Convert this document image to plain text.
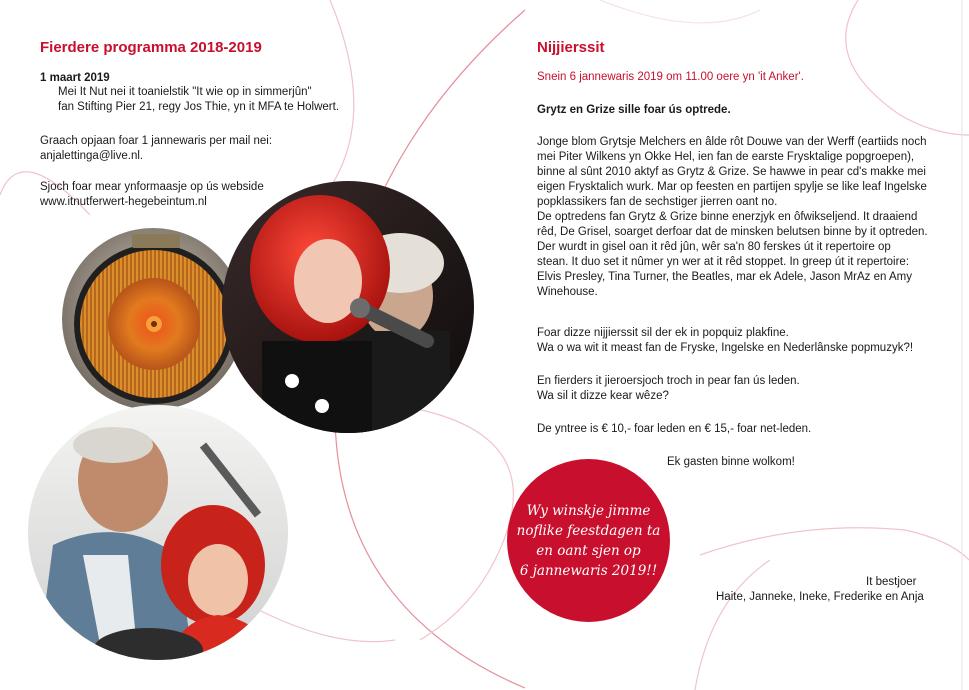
Fierdere programma 2018-2019
1 maart 2019
Mei It Nut nei it toanielstik "It wie op in simmerjûn"
fan Stifting Pier 21, regy Jos Thie, yn it MFA te Holwert.
Graach opjaan foar 1 jannewaris per mail nei:
anjalettinga@live.nl.
Sjoch foar mear ynformaasje op ús webside
www.itnutferwert-hegebeintum.nl
Nijjierssit
Snein 6 jannewaris 2019 om 11.00 oere yn 'it Anker'.
Grytz en Grize sille foar ús optrede.
Jonge blom Grytsje Melchers en âlde rôt Douwe van der Werff (eartiids noch
mei Piter Wilkens yn Okke Hel, ien fan de earste Frysktalige popgroepen),
binne al sûnt 2010 aktyf as Grytz & Grize. Se hawwe in pear cd's makke mei
eigen Frysktalich wurk. Mar op feesten en partijen spylje se like leaf Ingelske
popklassikers fan de sechstiger jierren oant no.
De optredens fan Grytz & Grize binne enerzjyk en ôfwikseljend. It draaiend
rêd, De Grisel, soarget derfoar dat de minsken belutsen binne by it optreden.
Der wurdt in gisel oan it rêd jûn, wêr sa'n 80 ferskes út it repertoire op
stean. It duo set it nûmer yn wer at it rêd stoppet. In greep út it repertoire:
Elvis Presley, Tina Turner, the Beatles, mar ek Adele, Jason MrAz en Amy
Winehouse.
Foar dizze nijjierssit sil der ek in popquiz plakfine.
Wa o wa wit it meast fan de Fryske, Ingelske en Nederlânske popmuzyk?!
En fierders it jieroersjoch troch in pear fan ús leden.
Wa sil it dizze kear wêze?
De yntree is € 10,- foar leden en € 15,- foar net-leden.
Ek gasten binne wolkom!
Wy winskje jimme
noflike feestdagen ta
en oant sjen op
6 jannewaris 2019!!
It bestjoer
Haite, Janneke, Ineke, Frederike en Anja
